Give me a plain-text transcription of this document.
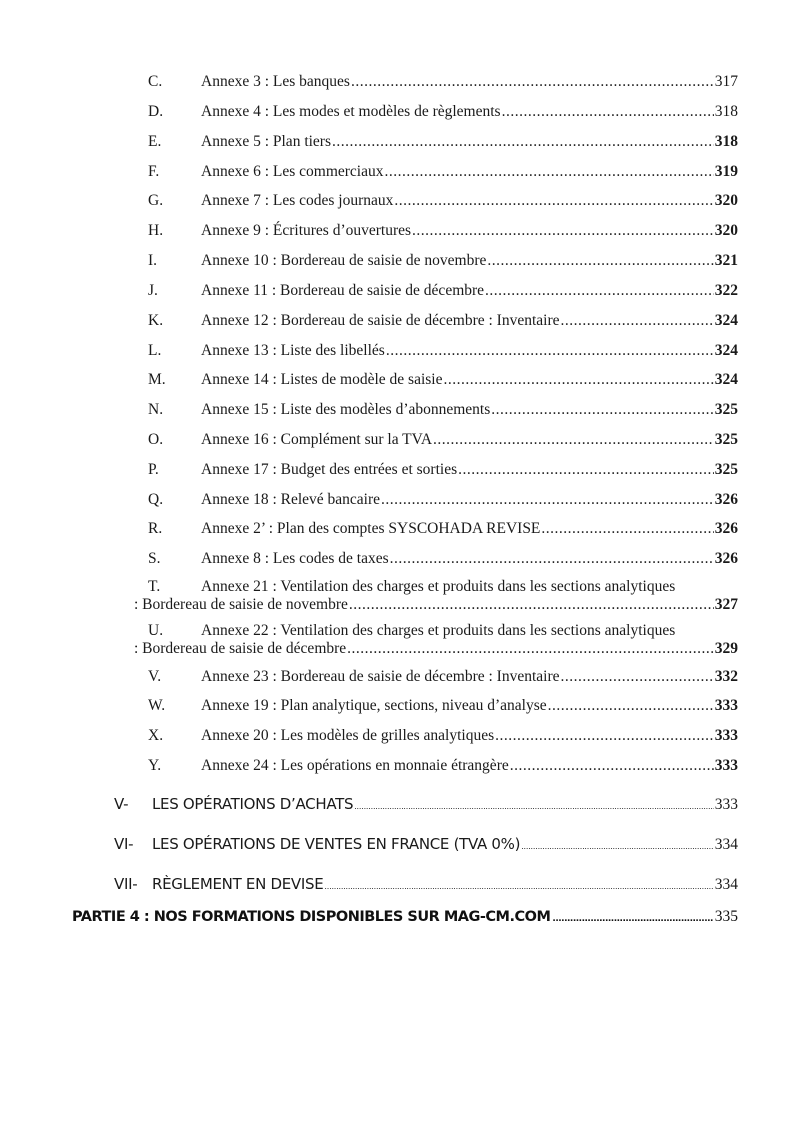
C.	Annexe 3 : Les banques .....	317
D.	Annexe 4 : Les modes et modèles de règlements .....	318
E.	Annexe 5 : Plan tiers .....	318
F.	Annexe 6 : Les commerciaux .....	319
G.	Annexe 7 : Les codes journaux .....	320
H.	Annexe 9 : Écritures d’ouvertures .....	320
I.	Annexe 10 : Bordereau de saisie de novembre .....	321
J.	Annexe 11 : Bordereau de saisie de décembre .....	322
K.	Annexe 12 : Bordereau de saisie de décembre : Inventaire .....	324
L.	Annexe 13 : Liste des libellés .....	324
M.	Annexe 14 : Listes de modèle de saisie .....	324
N.	Annexe 15 : Liste des modèles d’abonnements .....	325
O.	Annexe 16 : Complément sur la TVA .....	325
P.	Annexe 17 : Budget des entrées et sorties .....	325
Q.	Annexe 18 : Relevé bancaire .....	326
R.	Annexe 2’ : Plan des comptes SYSCOHADA REVISE .....	326
S.	Annexe 8 : Les codes de taxes .....	326
T.	Annexe 21 : Ventilation des charges et produits dans les sections analytiques
: Bordereau de saisie de novembre .....	327
U.	Annexe 22 : Ventilation des charges et produits dans les sections analytiques
: Bordereau de saisie de décembre .....	329
V.	Annexe 23 : Bordereau de saisie de décembre : Inventaire .....	332
W.	Annexe 19 : Plan analytique, sections, niveau d’analyse .....	333
X.	Annexe 20 : Les modèles de grilles analytiques .....	333
Y.	Annexe 24 : Les opérations en monnaie étrangère .....	333
V-	LES OPÉRATIONS D’ACHATS .....	333
VI-	LES OPÉRATIONS DE VENTES EN FRANCE (TVA 0%) .....	334
VII- RÈGLEMENT EN DEVISE .....	334
PARTIE 4 : NOS FORMATIONS DISPONIBLES SUR MAG-CM.COM .....	335
